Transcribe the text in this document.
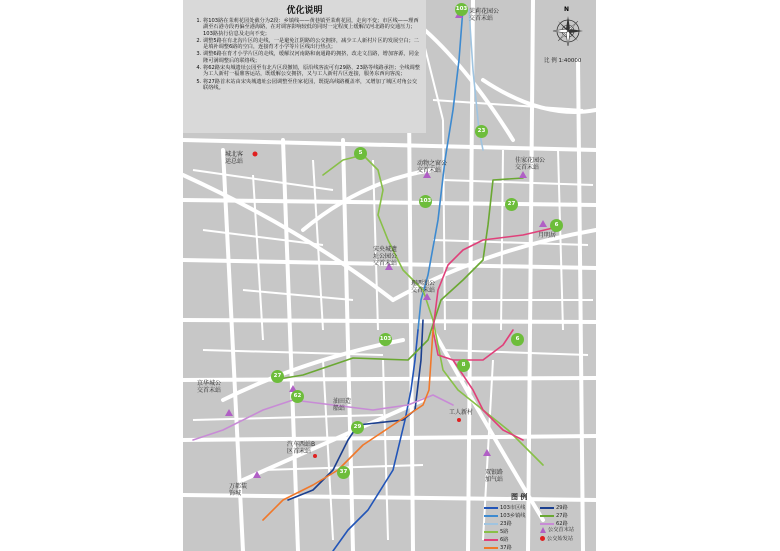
103
23
5
103	27
6
103	6
8
27
62
29
37
茉莉花园公
交首末站
城北客
运总站	动物之窗公
交首末站
佳家花园公
交首末站
月明居
宋央城遗
址公园公
交首末站
理西湖公
交首末站
京华城公
交首末站
油田造
船站
工人新村
汽车西站B
区首末站
万都装
饰城
双银路
加气站
优化说明
1. 将103路在茉莉花园处截分为2段：乡镇线——黄巷镇至茉莉花园，走向不变；市区线——理西湖至石港寺段再偏至港海路，在对调客影响较低的同时一定程度上缓解汉河北路的交通压力；103路执行信息及走向不变；
2. 调整5路在有北沟片区的走线，一是避免江阴路的公交拥挤，减少工人新村片区的发展空白；二是填补调整6路的空白，连接育才小学等片区线出行热点；
3. 调整6路在育才小学片区的走线，缓解汉河南路和南通路的拥挤，改走文昌路，增加客源，同金隆可满调整后的联络线；
4. 将62路宋央城遗址公园至有北片区段撤销，原沿线客流可有29路、23路等线路承担；全线调整为工人新村一福鼎客运站，既缓解公交拥挤，又与工人新村片区连接，服务东西向客流；
5. 将27路首末站由宋央城遗址公园调整至佳家花园，既提高线路覆盖率，又增加了城区对角公交联络线。
N
比 例 1:40000
图 例
103市区线	29路
103乡镇线	27路
23路	62路
5路	公交首末站
6路	公交始发站
37路
